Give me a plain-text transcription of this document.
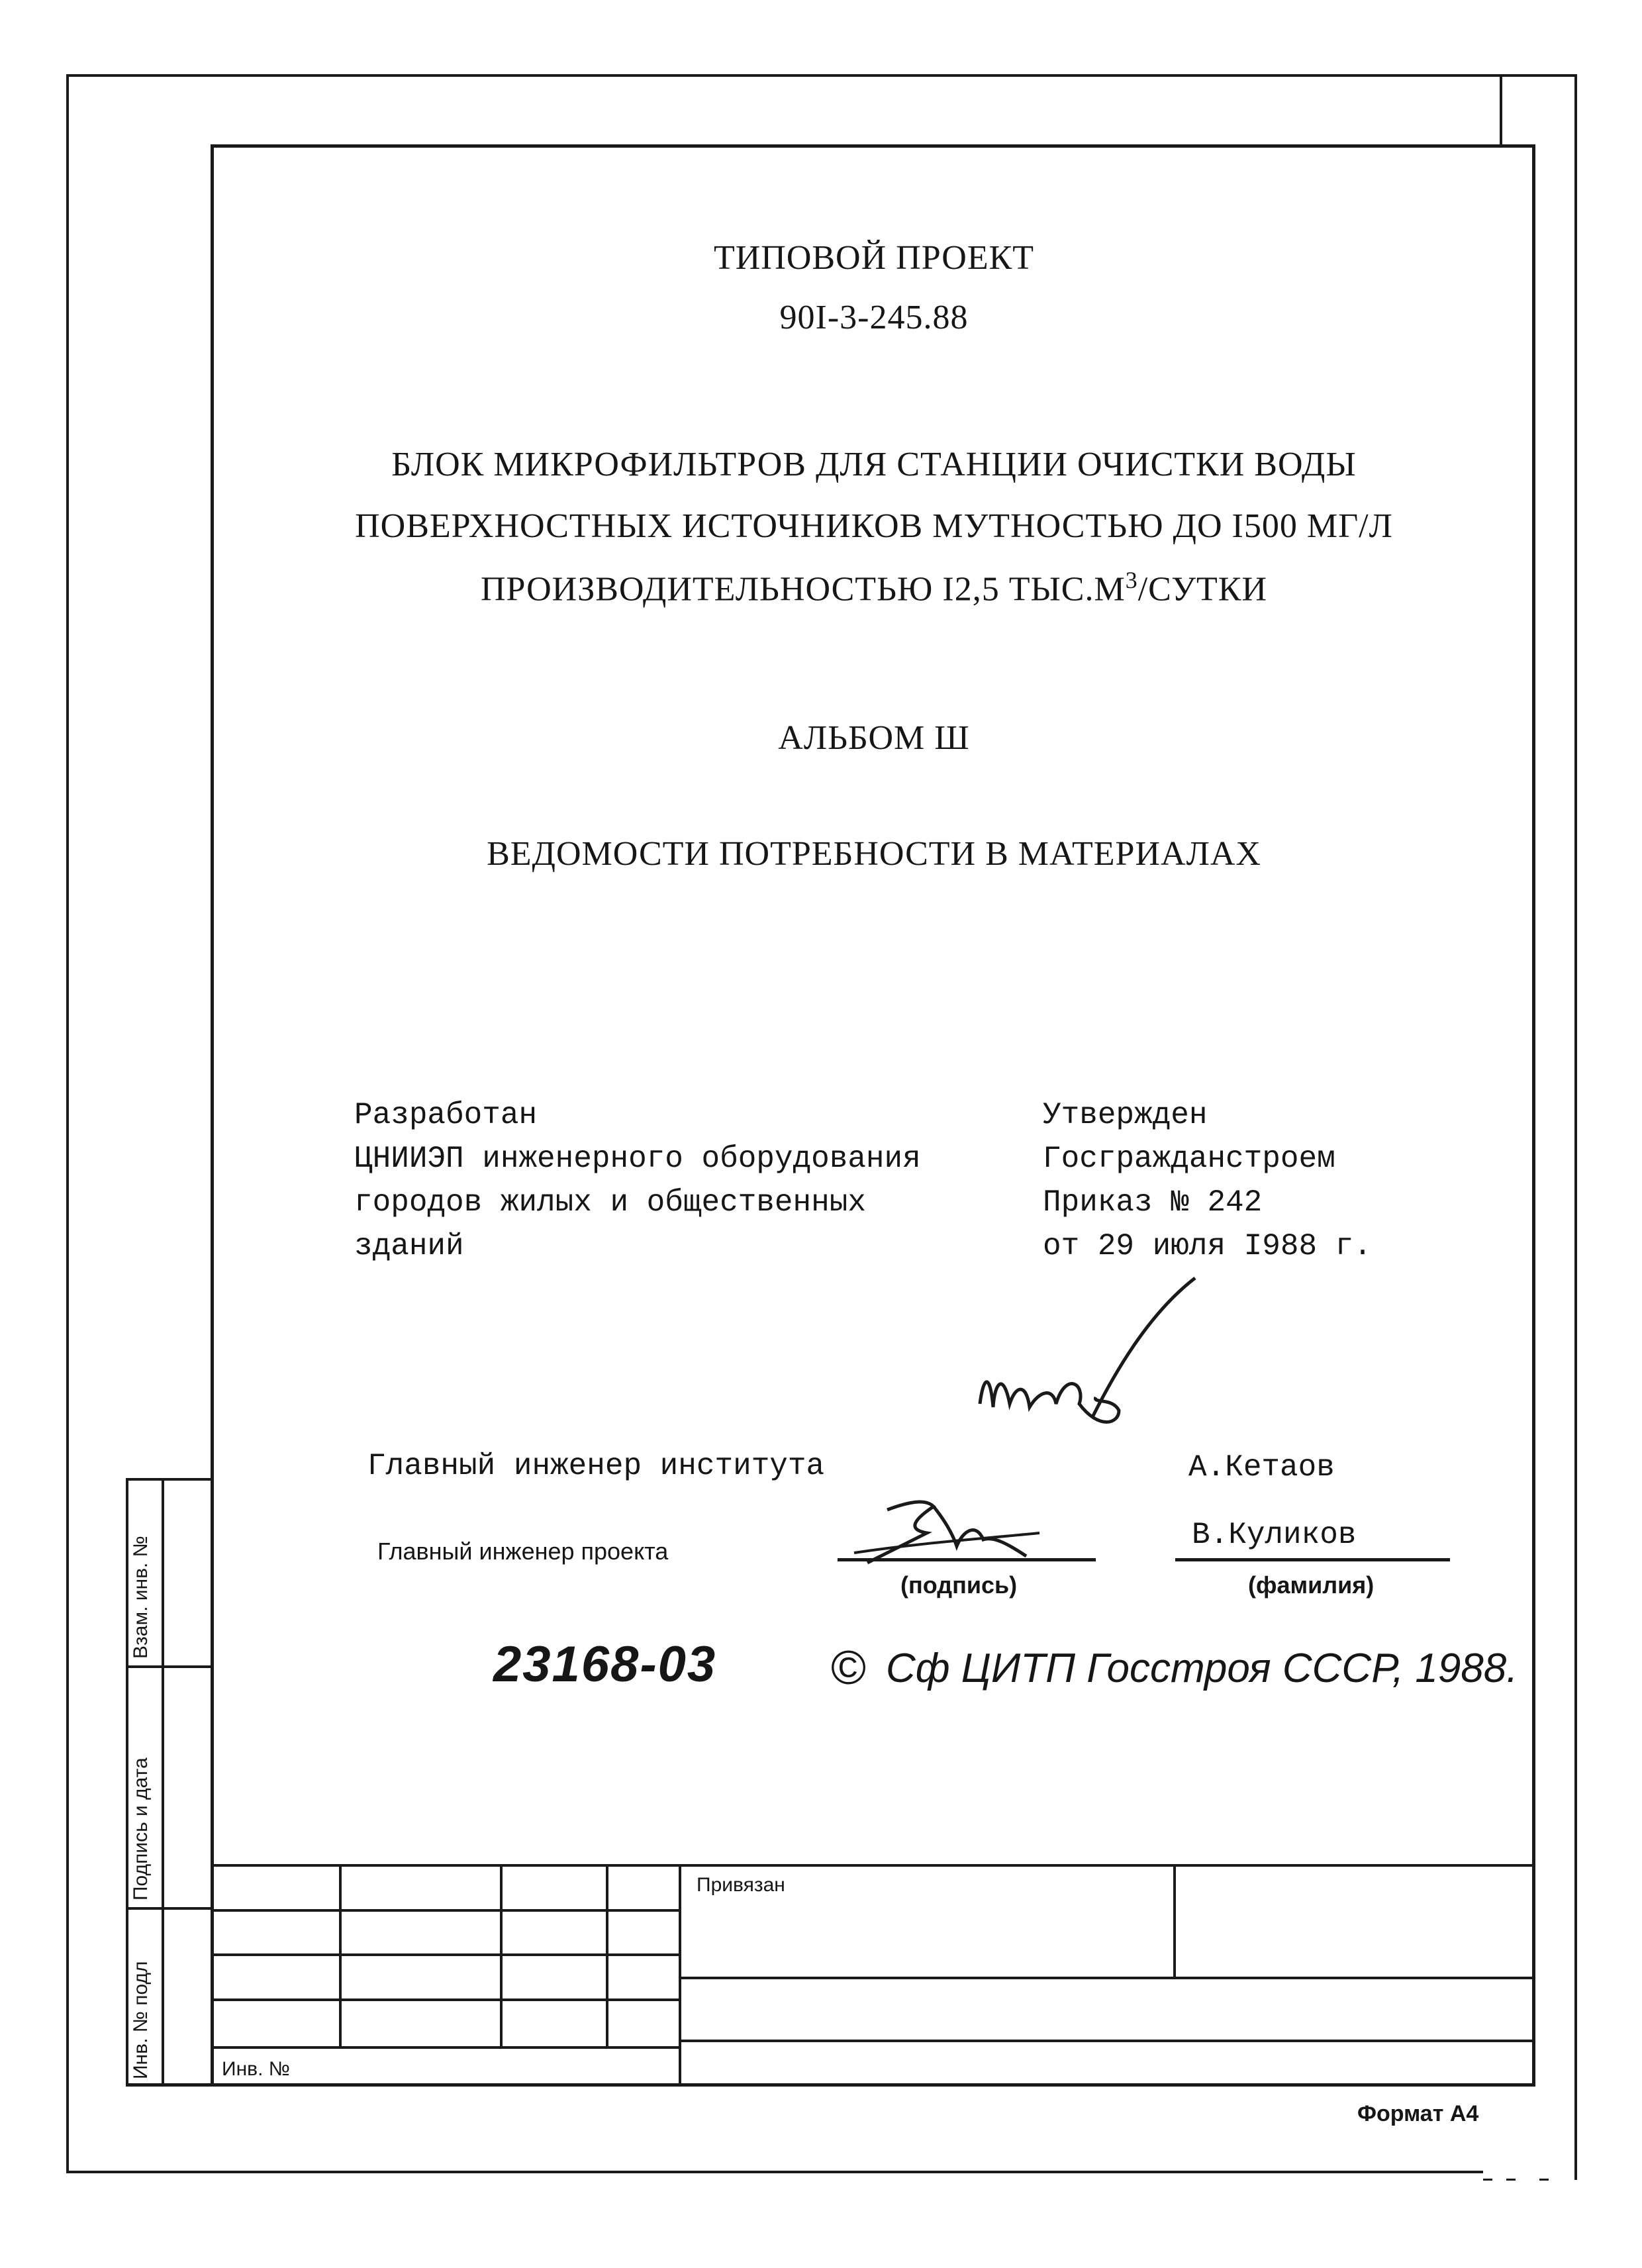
Взам. инв. №
Подпись и дата
Инв. № подл
ТИПОВОЙ ПРОЕКТ
90I-3-245.88
БЛОК МИКРОФИЛЬТРОВ ДЛЯ СТАНЦИИ ОЧИСТКИ ВОДЫ
ПОВЕРХНОСТНЫХ ИСТОЧНИКОВ МУТНОСТЬЮ ДО I500 МГ/Л
ПРОИЗВОДИТЕЛЬНОСТЬЮ I2,5 $ТЫС.М^3$/СУТКИ
АЛЬБОМ Ш
ВЕДОМОСТИ ПОТРЕБНОСТИ В МАТЕРИАЛАХ
Разработан
ЦНИИЭП инженерного оборудования
городов жилых и общественных
зданий
Утвержден
Госгражданстроем
Приказ № 242
от 29 июля I988 г.
Главный инженер института	А.Кетаов
Главный инженер проекта	В.Куликов
(подпись)	(фамилия)
23168-03 © Сф ЦИТП Госстроя СССР, 1988.
Привязан
Инв. №
Формат А4
